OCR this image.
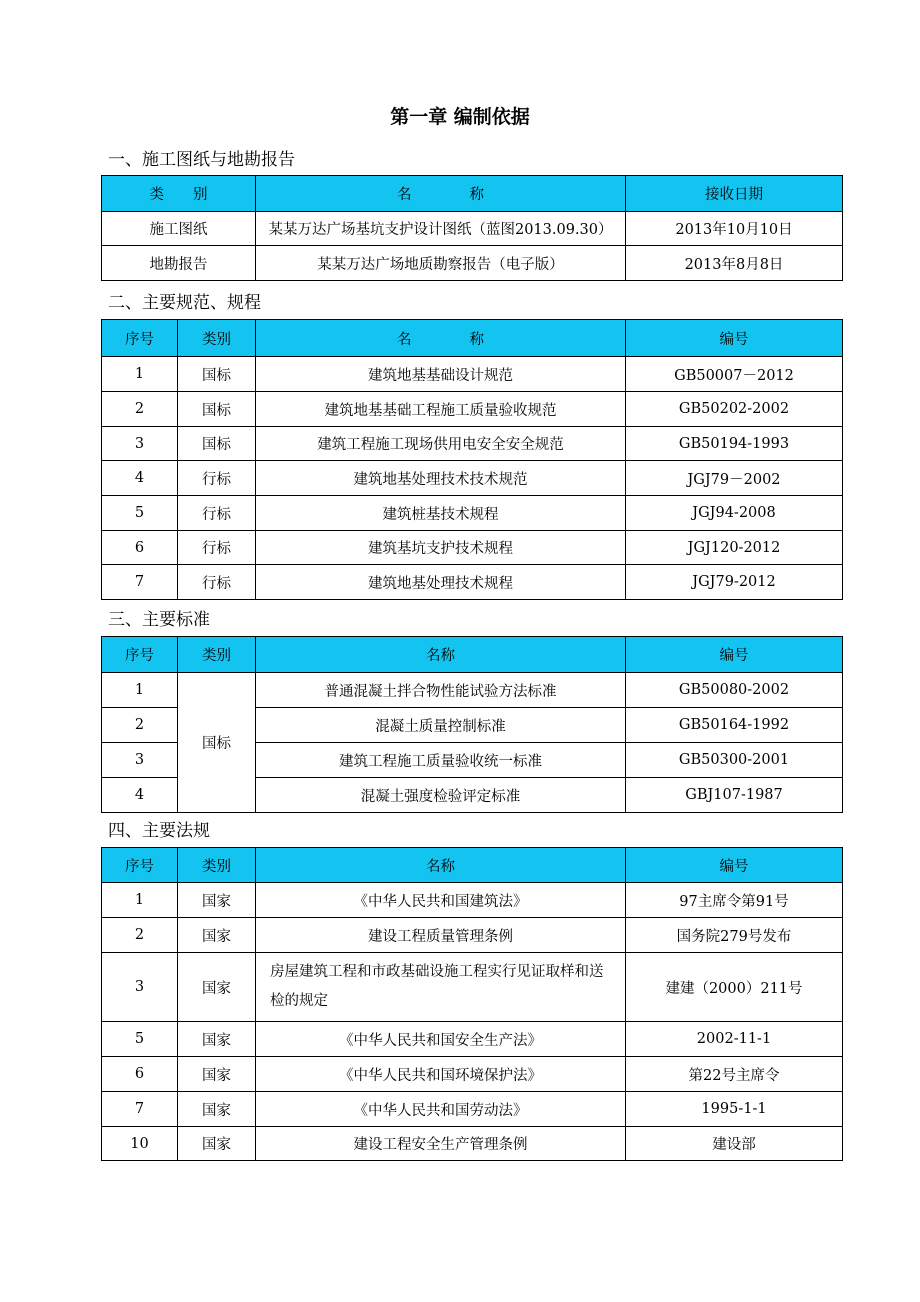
第一章 编制依据
一、施工图纸与地勘报告
类　　别	名　　　　称	接收日期
施工图纸	某某万达广场基坑支护设计图纸（蓝图2013.09.30）	2013年10月10日
地勘报告	某某万达广场地质勘察报告（电子版）	2013年8月8日
二、主要规范、规程
序号	类别	名　　　　称	编号
1	国标	建筑地基基础设计规范	GB50007－2012
2	国标	建筑地基基础工程施工质量验收规范	GB50202-2002
3	国标	建筑工程施工现场供用电安全安全规范	GB50194-1993
4	行标	建筑地基处理技术技术规范	JGJ79－2002
5	行标	建筑桩基技术规程	JGJ94-2008
6	行标	建筑基坑支护技术规程	JGJ120-2012
7	行标	建筑地基处理技术规程	JGJ79-2012
三、主要标准
序号	类别	名称	编号
1	国标	普通混凝土拌合物性能试验方法标准	GB50080-2002
2		混凝土质量控制标准	GB50164-1992
3		建筑工程施工质量验收统一标准	GB50300-2001
4		混凝土强度检验评定标准	GBJ107-1987
四、主要法规
序号	类别	名称	编号
1	国家	《中华人民共和国建筑法》	97主席令第91号
2	国家	建设工程质量管理条例	国务院279号发布
3	国家	房屋建筑工程和市政基础设施工程实行见证取样和送检的规定	建建（2000）211号
5	国家	《中华人民共和国安全生产法》	2002-11-1
6	国家	《中华人民共和国环境保护法》	第22号主席令
7	国家	《中华人民共和国劳动法》	1995-1-1
10	国家	建设工程安全生产管理条例	建设部
